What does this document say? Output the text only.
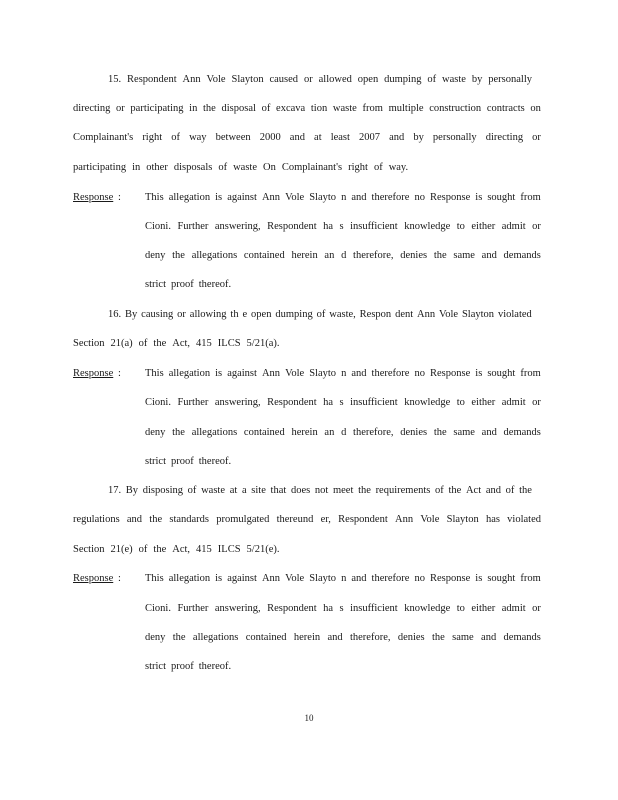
15. Respondent Ann Vole Slayton caused or allowed open dumping of waste by personally
directing or participating in the disposal of excava tion waste from multiple construction contracts on
Complainant's right of way between 2000 and at least 2007 and by personally directing or
participating in other disposals of waste On Complainant's right of way.
Response : This allegation is against Ann Vole Slayto n and therefore no Response is sought from
Cioni. Further answering, Respondent ha s insufficient knowledge to either admit or
deny the allegations contained herein an d therefore, denies the same and demands
strict proof thereof.
16. By causing or allowing th e open dumping of waste, Respon dent Ann Vole Slayton violated
Section 21(a) of the Act, 415 ILCS 5/21(a).
Response : This allegation is against Ann Vole Slayto n and therefore no Response is sought from
Cioni. Further answering, Respondent ha s insufficient knowledge to either admit or
deny the allegations contained herein an d therefore, denies the same and demands
strict proof thereof.
17. By disposing of waste at a site that does not meet the requirements of the Act and of the
regulations and the standards promulgated thereund er, Respondent Ann Vole Slayton has violated
Section 21(e) of the Act, 415 ILCS 5/21(e).
Response : This allegation is against Ann Vole Slayto n and therefore no Response is sought from
Cioni. Further answering, Respondent ha s insufficient knowledge to either admit or
deny the allegations contained herein and therefore, denies the same and demands
strict proof thereof.
10
